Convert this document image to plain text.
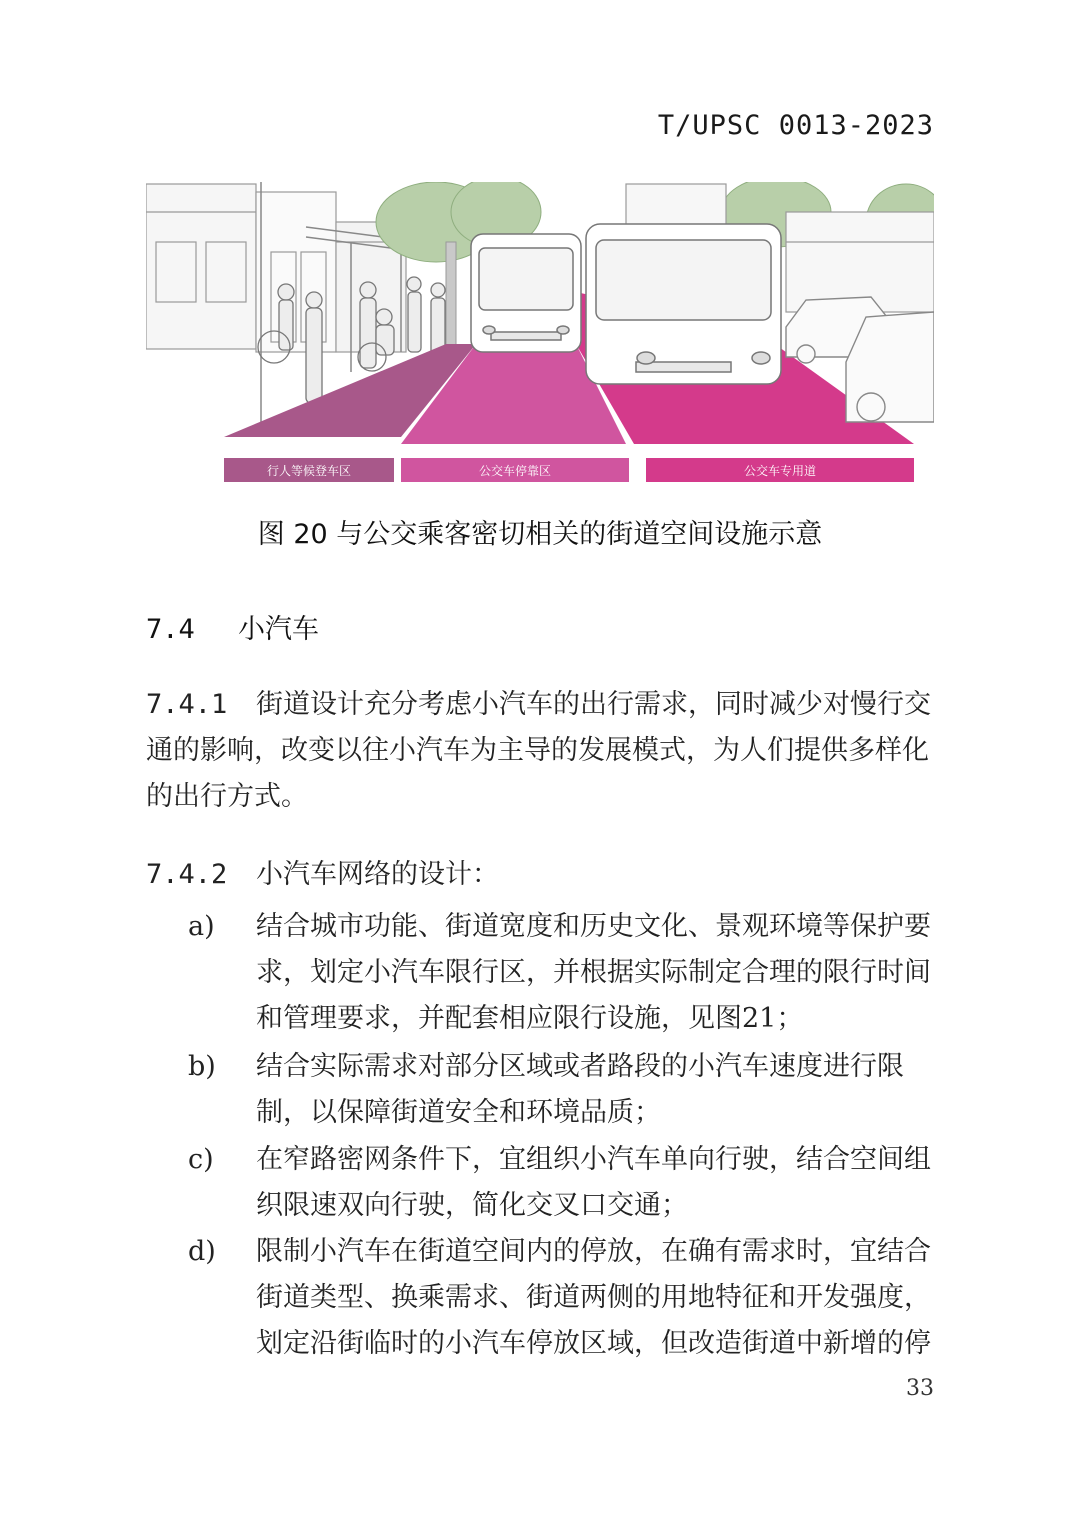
T/UPSC 0013-2023
行人等候登车区	公交车停靠区	公交车专用道
图 20 与公交乘客密切相关的街道空间设施示意
7.4 小汽车
7.4.1 街道设计充分考虑小汽车的出行需求，同时减少对慢行交通的影响，改变以往小汽车为主导的发展模式，为人们提供多样化的出行方式。
7.4.2 小汽车网络的设计：
a) 结合城市功能、街道宽度和历史文化、景观环境等保护要求，划定小汽车限行区，并根据实际制定合理的限行时间和管理要求，并配套相应限行设施，见图21；
b) 结合实际需求对部分区域或者路段的小汽车速度进行限制，以保障街道安全和环境品质；
c) 在窄路密网条件下，宜组织小汽车单向行驶，结合空间组织限速双向行驶，简化交叉口交通；
d) 限制小汽车在街道空间内的停放，在确有需求时，宜结合街道类型、换乘需求、街道两侧的用地特征和开发强度，划定沿街临时的小汽车停放区域，但改造街道中新增的停
33
